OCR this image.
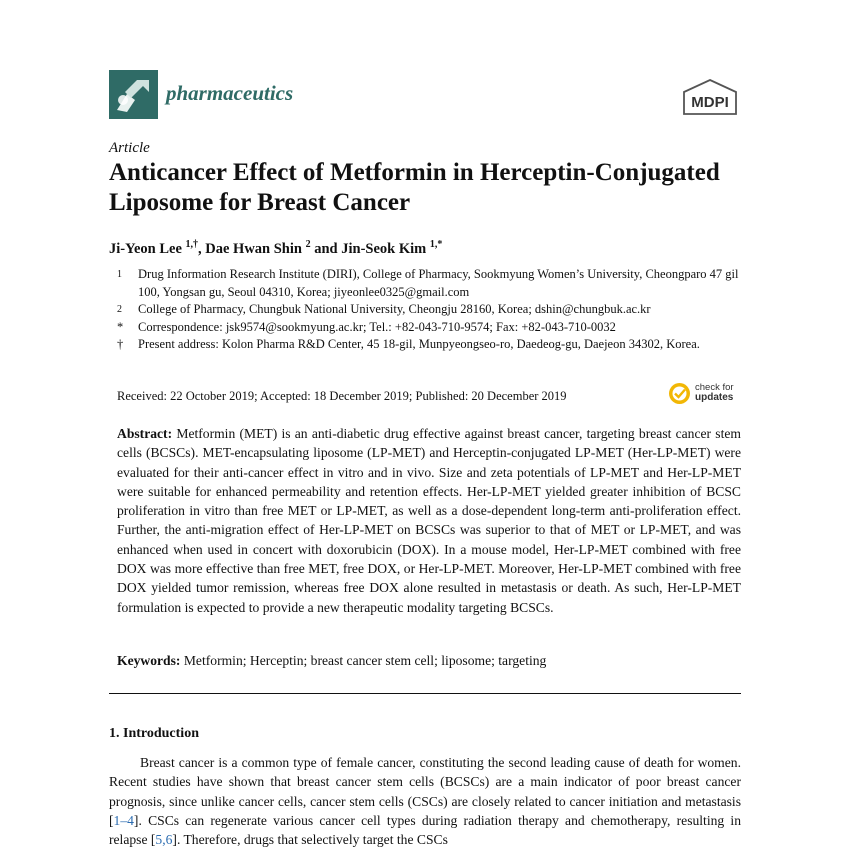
pharmaceutics	MDPI
Article
Anticancer Effect of Metformin in Herceptin-Conjugated Liposome for Breast Cancer
Ji-Yeon Lee $^{1,\dagger}$, Dae Hwan Shin $^2$ and Jin-Seok Kim $^{1,*}$
1	Drug Information Research Institute (DIRI), College of Pharmacy, Sookmyung Women’s University, Cheongparo 47 gil 100, Yongsan gu, Seoul 04310, Korea; jiyeonlee0325@gmail.com
2	College of Pharmacy, Chungbuk National University, Cheongju 28160, Korea; dshin@chungbuk.ac.kr
*	Correspondence: jsk9574@sookmyung.ac.kr; Tel.: +82-043-710-9574; Fax: +82-043-710-0032
†	Present address: Kolon Pharma R&D Center, 45 18-gil, Munpyeongseo-ro, Daedeog-gu, Daejeon 34302, Korea.
Received: 22 October 2019; Accepted: 18 December 2019; Published: 20 December 2019
check for
updates
Abstract: Metformin (MET) is an anti-diabetic drug effective against breast cancer, targeting breast cancer stem cells (BCSCs). MET-encapsulating liposome (LP-MET) and Herceptin-conjugated LP-MET (Her-LP-MET) were evaluated for their anti-cancer effect in vitro and in vivo. Size and zeta potentials of LP-MET and Her-LP-MET were suitable for enhanced permeability and retention effects. Her-LP-MET yielded greater inhibition of BCSC proliferation in vitro than free MET or LP-MET, as well as a dose-dependent long-term anti-proliferation effect. Further, the anti-migration effect of Her-LP-MET on BCSCs was superior to that of MET or LP-MET, and was enhanced when used in concert with doxorubicin (DOX). In a mouse model, Her-LP-MET combined with free DOX was more effective than free MET, free DOX, or Her-LP-MET. Moreover, Her-LP-MET combined with free DOX yielded tumor remission, whereas free DOX alone resulted in metastasis or death. As such, Her-LP-MET formulation is expected to provide a new therapeutic modality targeting BCSCs.
Keywords: Metformin; Herceptin; breast cancer stem cell; liposome; targeting
1. Introduction
Breast cancer is a common type of female cancer, constituting the second leading cause of death for women. Recent studies have shown that breast cancer stem cells (BCSCs) are a main indicator of poor breast cancer prognosis, since unlike cancer cells, cancer stem cells (CSCs) are closely related to cancer initiation and metastasis [1–4]. CSCs can regenerate various cancer cell types during radiation therapy and chemotherapy, resulting in relapse [5,6]. Therefore, drugs that selectively target the CSCs
